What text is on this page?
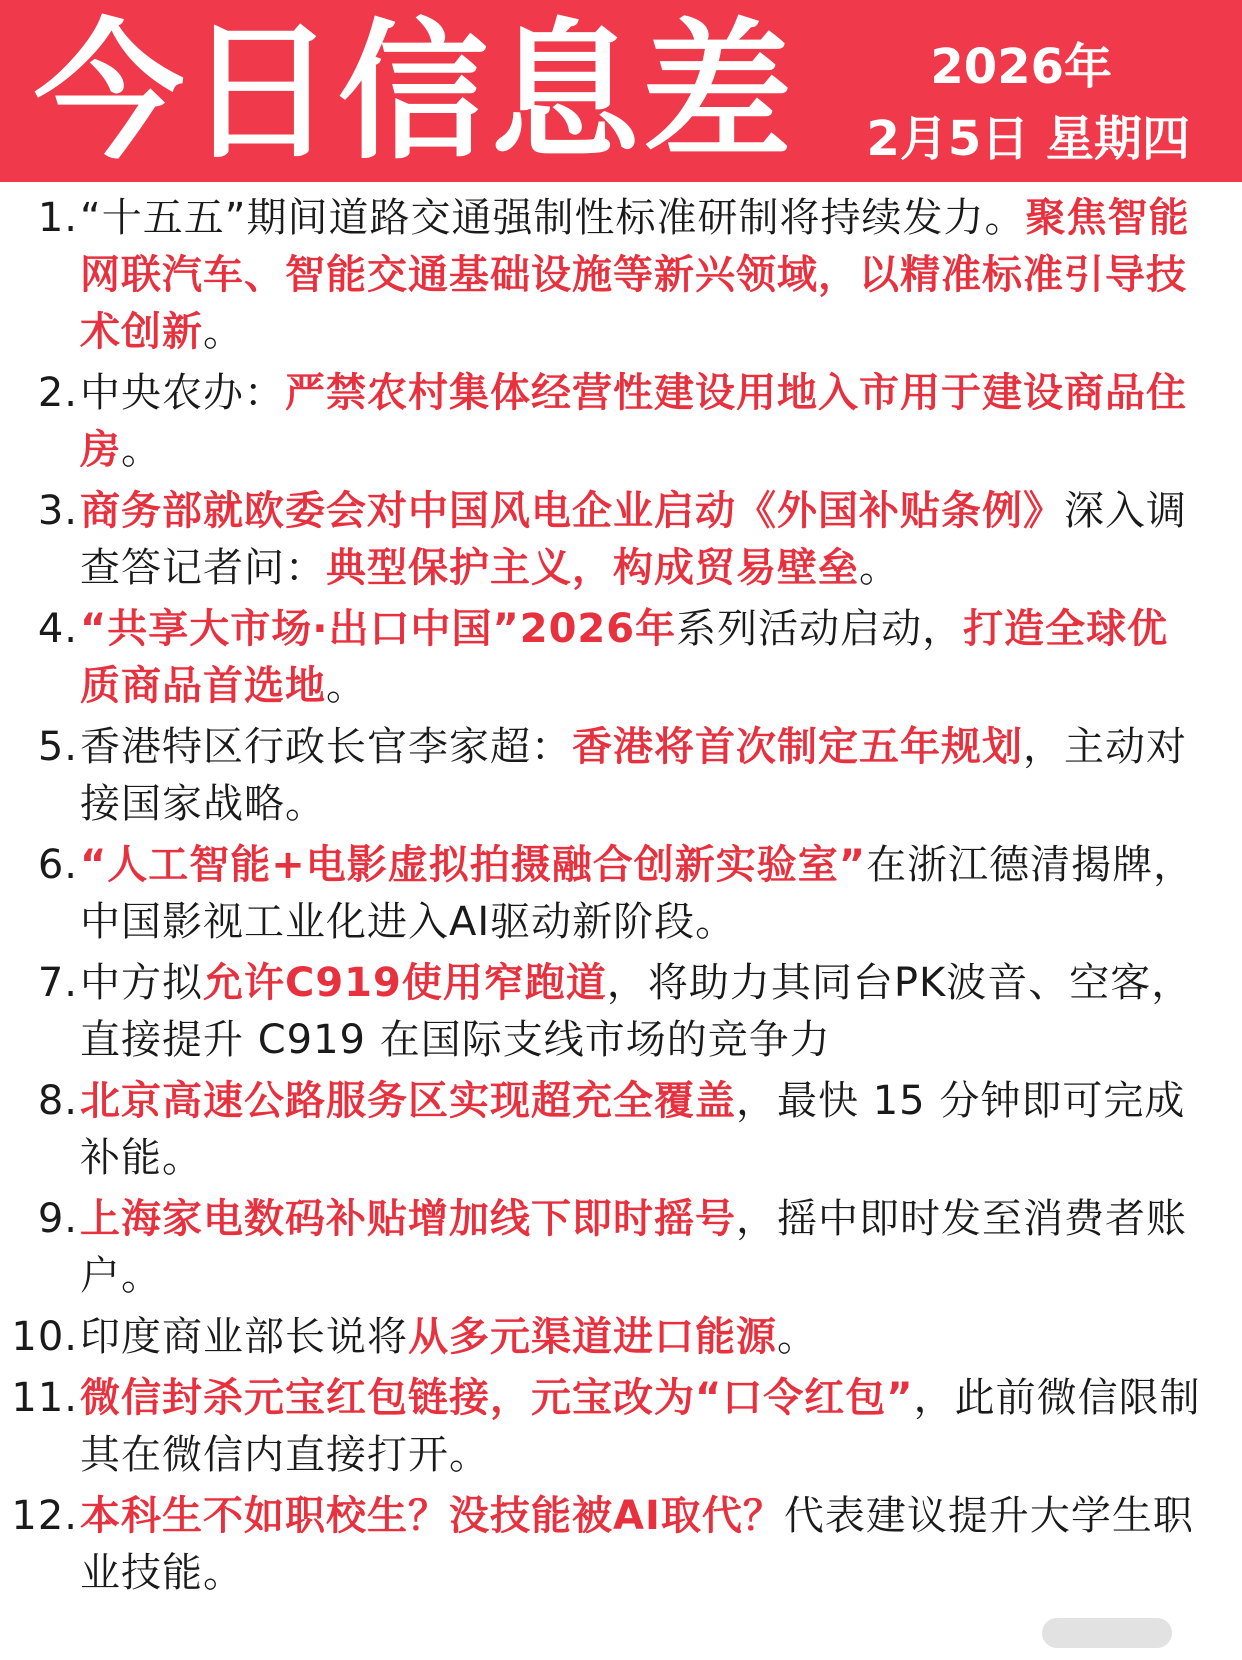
今日信息差	2026年
2月5日 星期四
1. “十五五”期间道路交通强制性标准研制将持续发力。聚焦智能网联汽车、智能交通基础设施等新兴领域，以精准标准引导技术创新。
2. 中央农办：严禁农村集体经营性建设用地入市用于建设商品住房。
3. 商务部就欧委会对中国风电企业启动《外国补贴条例》深入调查答记者问：典型保护主义，构成贸易壁垒。
4. “共享大市场·出口中国”2026年系列活动启动，打造全球优质商品首选地。
5. 香港特区行政长官李家超：香港将首次制定五年规划，主动对接国家战略。
6. “人工智能+电影虚拟拍摄融合创新实验室”在浙江德清揭牌，中国影视工业化进入AI驱动新阶段。
7. 中方拟允许C919使用窄跑道，将助力其同台PK波音、空客，直接提升 C919 在国际支线市场的竞争力
8. 北京高速公路服务区实现超充全覆盖，最快 15 分钟即可完成补能。
9. 上海家电数码补贴增加线下即时摇号，摇中即时发至消费者账户。
10. 印度商业部长说将从多元渠道进口能源。
11. 微信封杀元宝红包链接，元宝改为“口令红包”，此前微信限制其在微信内直接打开。
12. 本科生不如职校生？没技能被AI取代？代表建议提升大学生职业技能。
